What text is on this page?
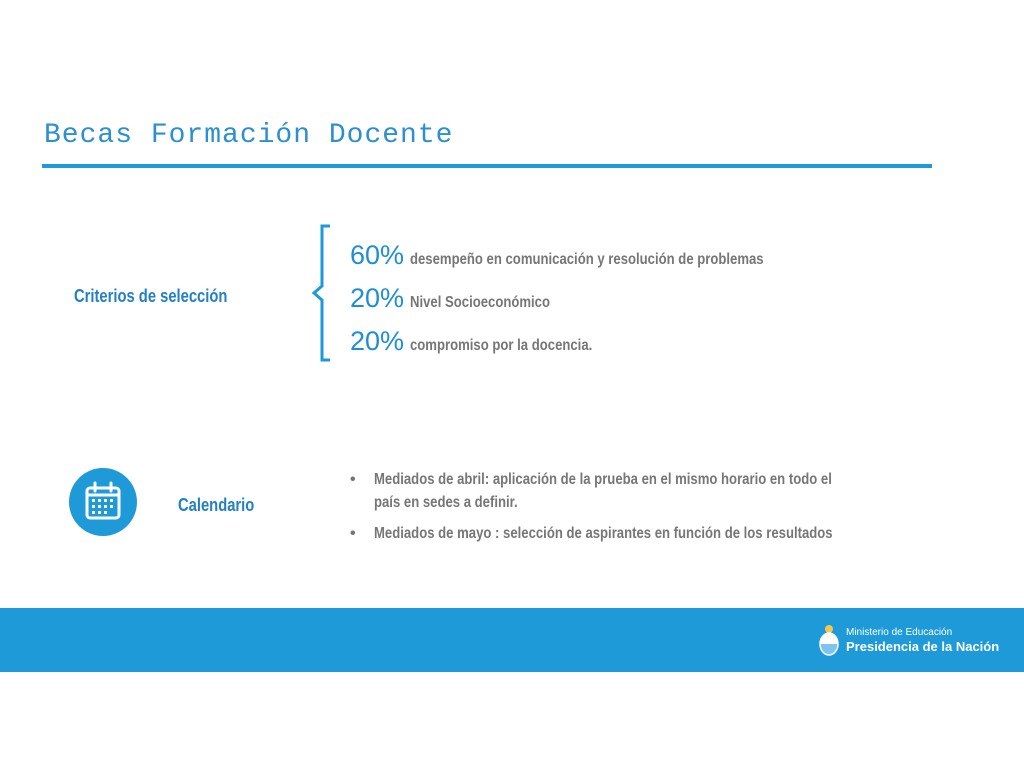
Becas Formación Docente

Criterios de selección

60% desempeño en comunicación y resolución de problemas
20% Nivel Socioeconómico
20% compromiso por la docencia.

Calendario

• Mediados de abril: aplicación de la prueba en el mismo horario en todo el país en sedes a definir.
• Mediados de mayo : selección de aspirantes en función de los resultados
Ministerio de Educación
Presidencia de la Nación
